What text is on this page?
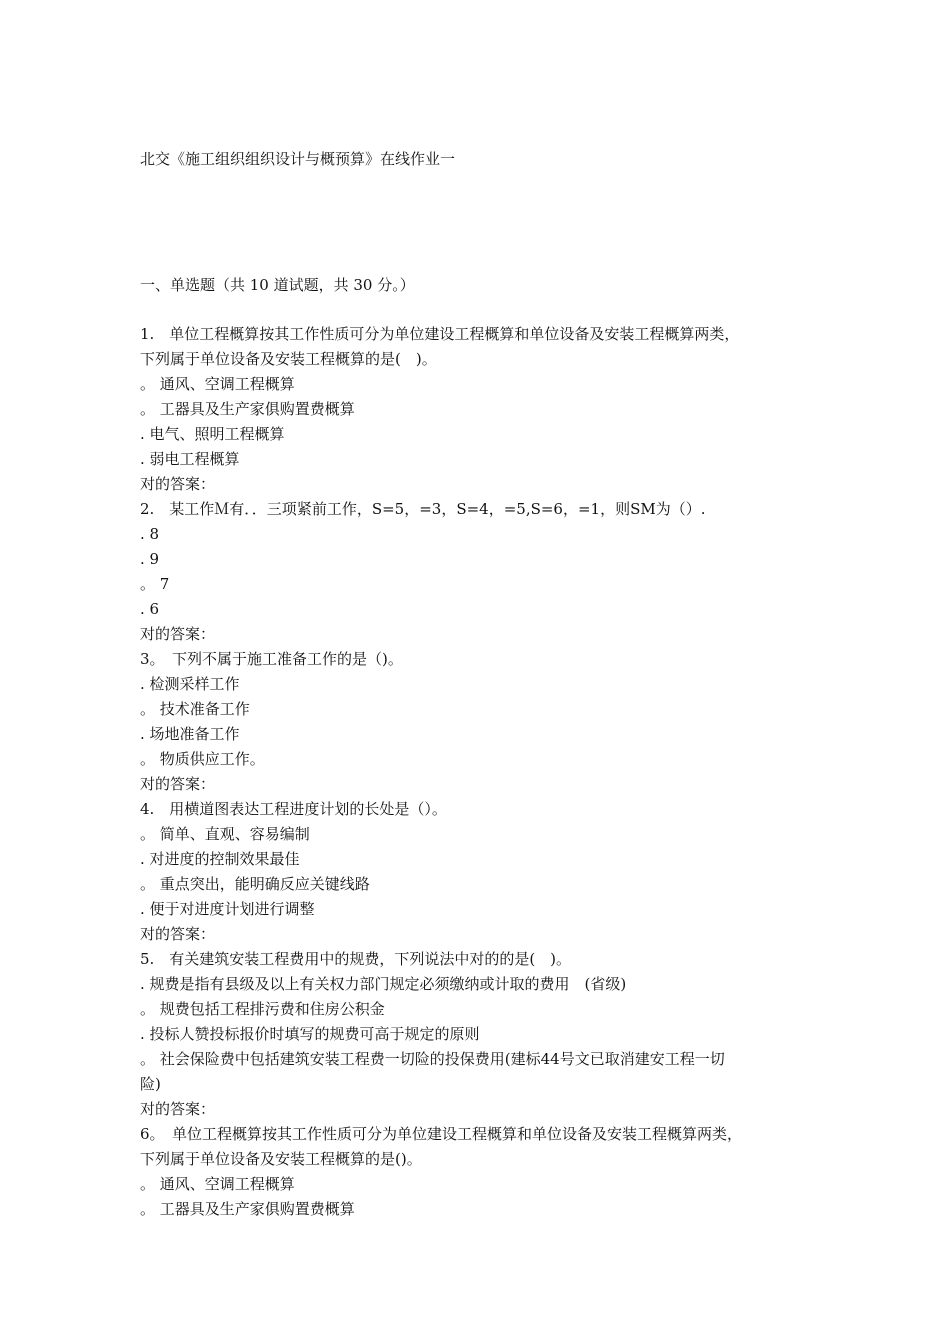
北交《施工组织组织设计与概预算》在线作业一
一、单选题（共 10 道试题，共 30 分。）
1.　单位工程概算按其工作性质可分为单位建设工程概算和单位设备及安装工程概算两类，
下列属于单位设备及安装工程概算的是(　)。
。 通风、空调工程概算
。 工器具及生产家俱购置费概算
. 电气、照明工程概算
. 弱电工程概算
对的答案：
2.　某工作Ｍ有．．三项紧前工作，S=5，=3，S=4，=5,S=6，=1，则SM为（）.
. 8
. 9
。 7
. 6
对的答案：
3。　下列不属于施工准备工作的是（)。
. 检测采样工作
。 技术准备工作
. 场地准备工作
。 物质供应工作。
对的答案：
4.　用横道图表达工程进度计划的长处是（）。
。 简单、直观、容易编制
. 对进度的控制效果最佳
。 重点突出，能明确反应关键线路
. 便于对进度计划进行调整
对的答案：
5.　有关建筑安装工程费用中的规费，下列说法中对的的是(　)。
. 规费是指有县级及以上有关权力部门规定必须缴纳或计取的费用　(省级)
。 规费包括工程排污费和住房公积金
. 投标人赞投标报价时填写的规费可高于规定的原则
。 社会保险费中包括建筑安装工程费一切险的投保费用(建标44号文已取消建安工程一切
险)
对的答案：
6。　单位工程概算按其工作性质可分为单位建设工程概算和单位设备及安装工程概算两类，
下列属于单位设备及安装工程概算的是()。
。 通风、空调工程概算
。 工器具及生产家俱购置费概算
